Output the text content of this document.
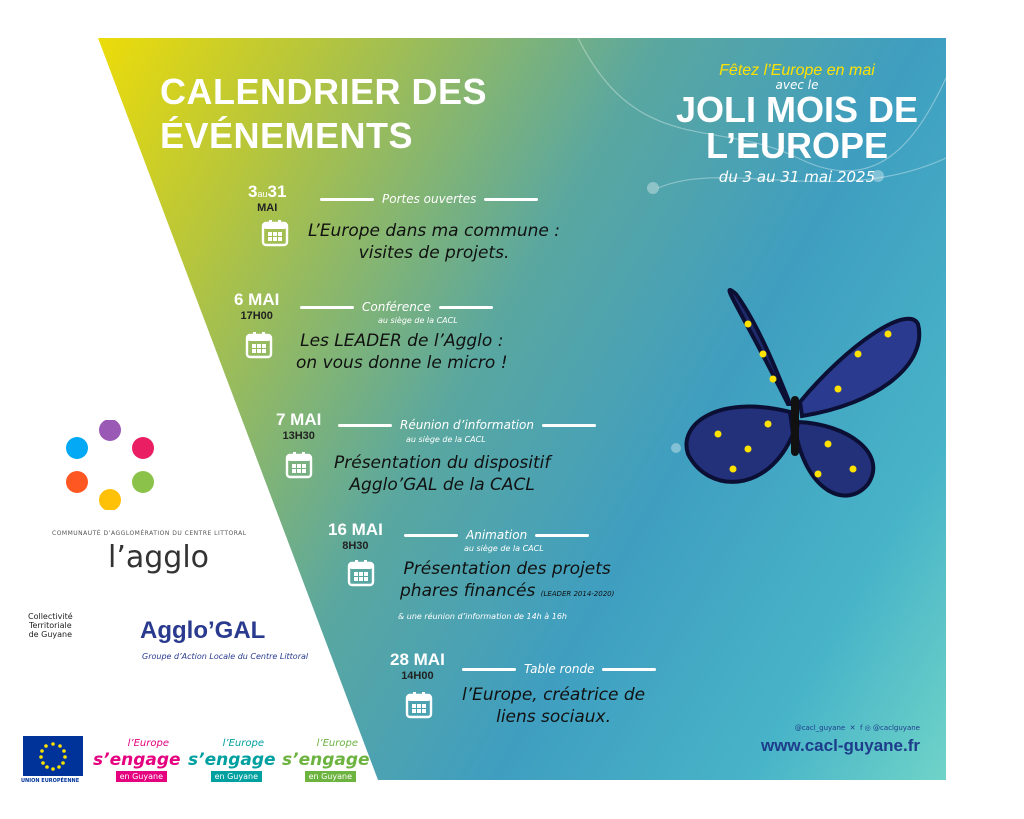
CALENDRIER DES
ÉVÉNEMENTS
Fêtez l’Europe en mai
avec le
JOLI MOIS DE
L’EUROPE
du 3 au 31 mai 2025
3au31
MAI
Portes ouvertes
L’Europe dans ma commune :
visites de projets.
6 MAI
17H00
Conférence
au siège de la CACL
Les LEADER de l’Agglo :
on vous donne le micro !
7 MAI
13H30
Réunion d’information
au siège de la CACL
Présentation du dispositif
Agglo’GAL de la CACL
16 MAI
8H30
Animation
au siège de la CACL
Présentation des projets
phares financés (LEADER 2014-2020)
& une réunion d’information de 14h à 16h
28 MAI
14H00	Table ronde
l’Europe, créatrice de
liens sociaux.
@cacl_guyane  ✕  f ◎ @caclguyane
www.cacl-guyane.fr
COMMUNAUTÉ D’AGGLOMÉRATION DU CENTRE LITTORAL
l’agglo
Collectivité
Territoriale
de Guyane	Agglo’GAL
Groupe d’Action Locale du Centre Littoral
UNION EUROPÉENNE
l’Europe
s’engage
en Guyane
l’Europe
s’engage
en Guyane
l’Europe
s’engage
en Guyane
